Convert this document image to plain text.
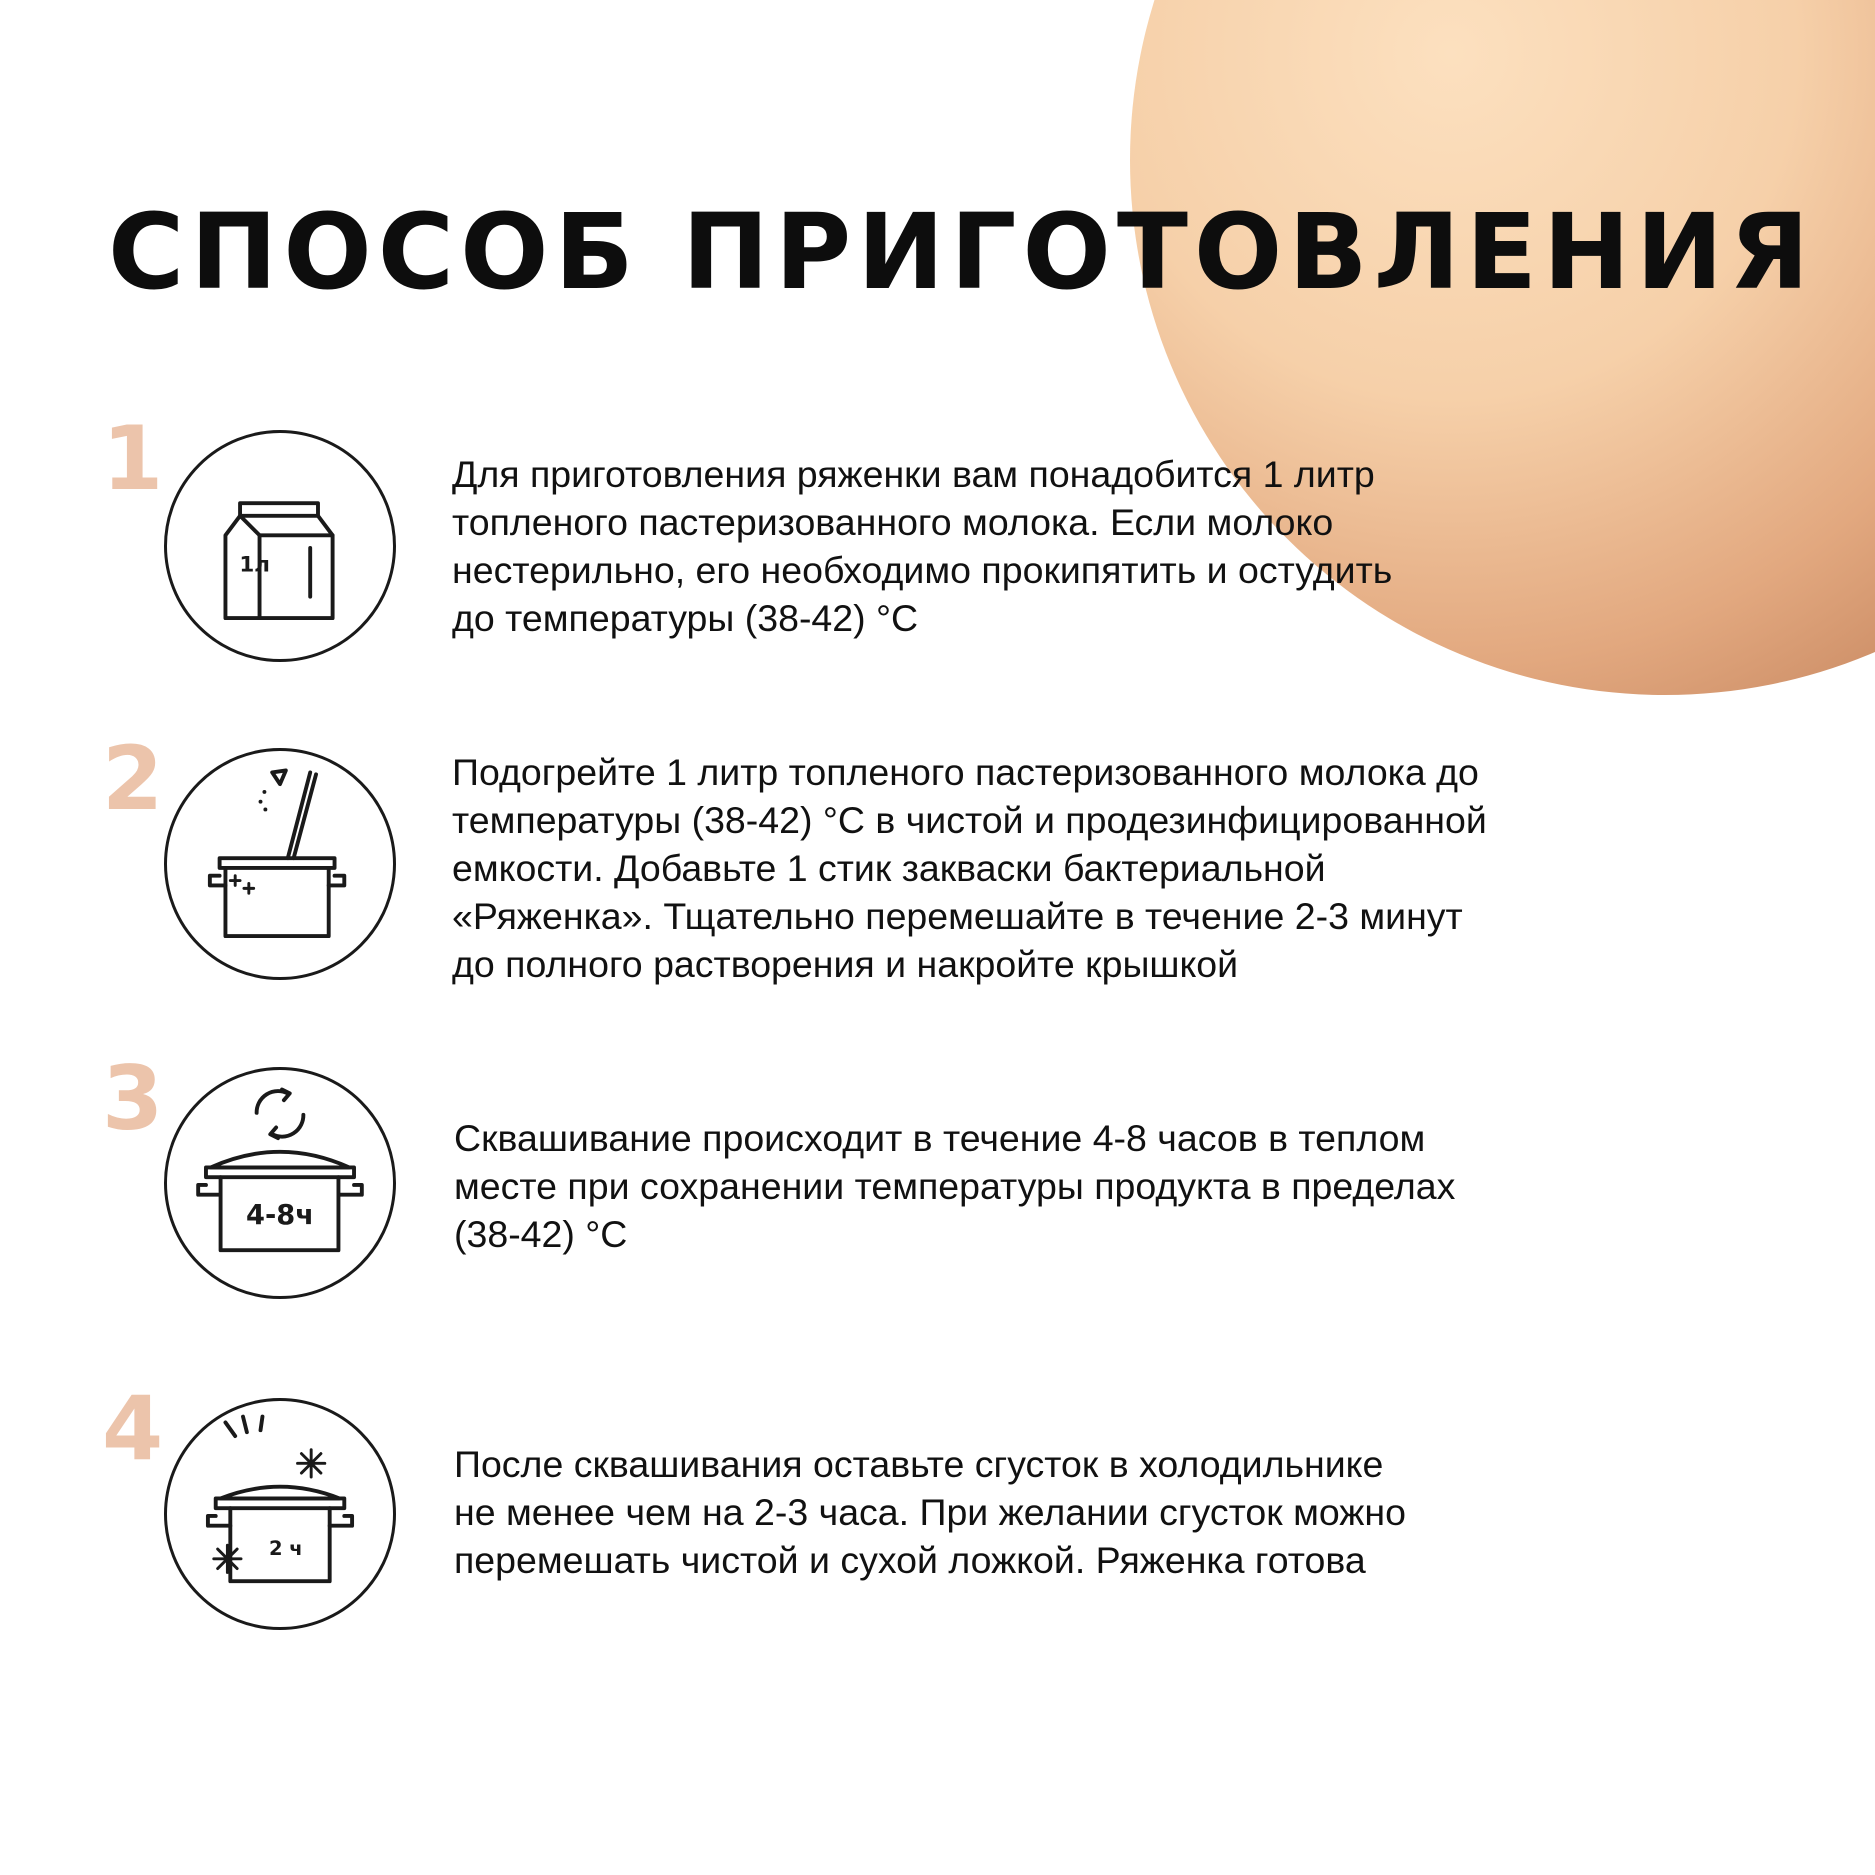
СПОСОБ ПРИГОТОВЛЕНИЯ
1
1л

Для приготовления ряженки вам понадобится 1 литр
топленого пастеризованного молока. Если молоко
нестерильно, его необходимо прокипятить и остудить
до температуры (38-42) °С

2	Подогрейте 1 литр топленого пастеризованного молока до
температуры (38-42) °С в чистой и продезинфицированной
емкости. Добавьте 1 стик закваски бактериальной
«Ряженка». Тщательно перемешайте в течение 2-3 минут
до полного растворения и накройте крышкой

3
4-8ч

Сквашивание происходит в течение 4-8 часов в теплом
месте при сохранении температуры продукта в пределах
(38-42) °С

4
2 ч

После сквашивания оставьте сгусток в холодильнике
не менее чем на 2-3 часа. При желании сгусток можно
перемешать чистой и сухой ложкой. Ряженка готова
